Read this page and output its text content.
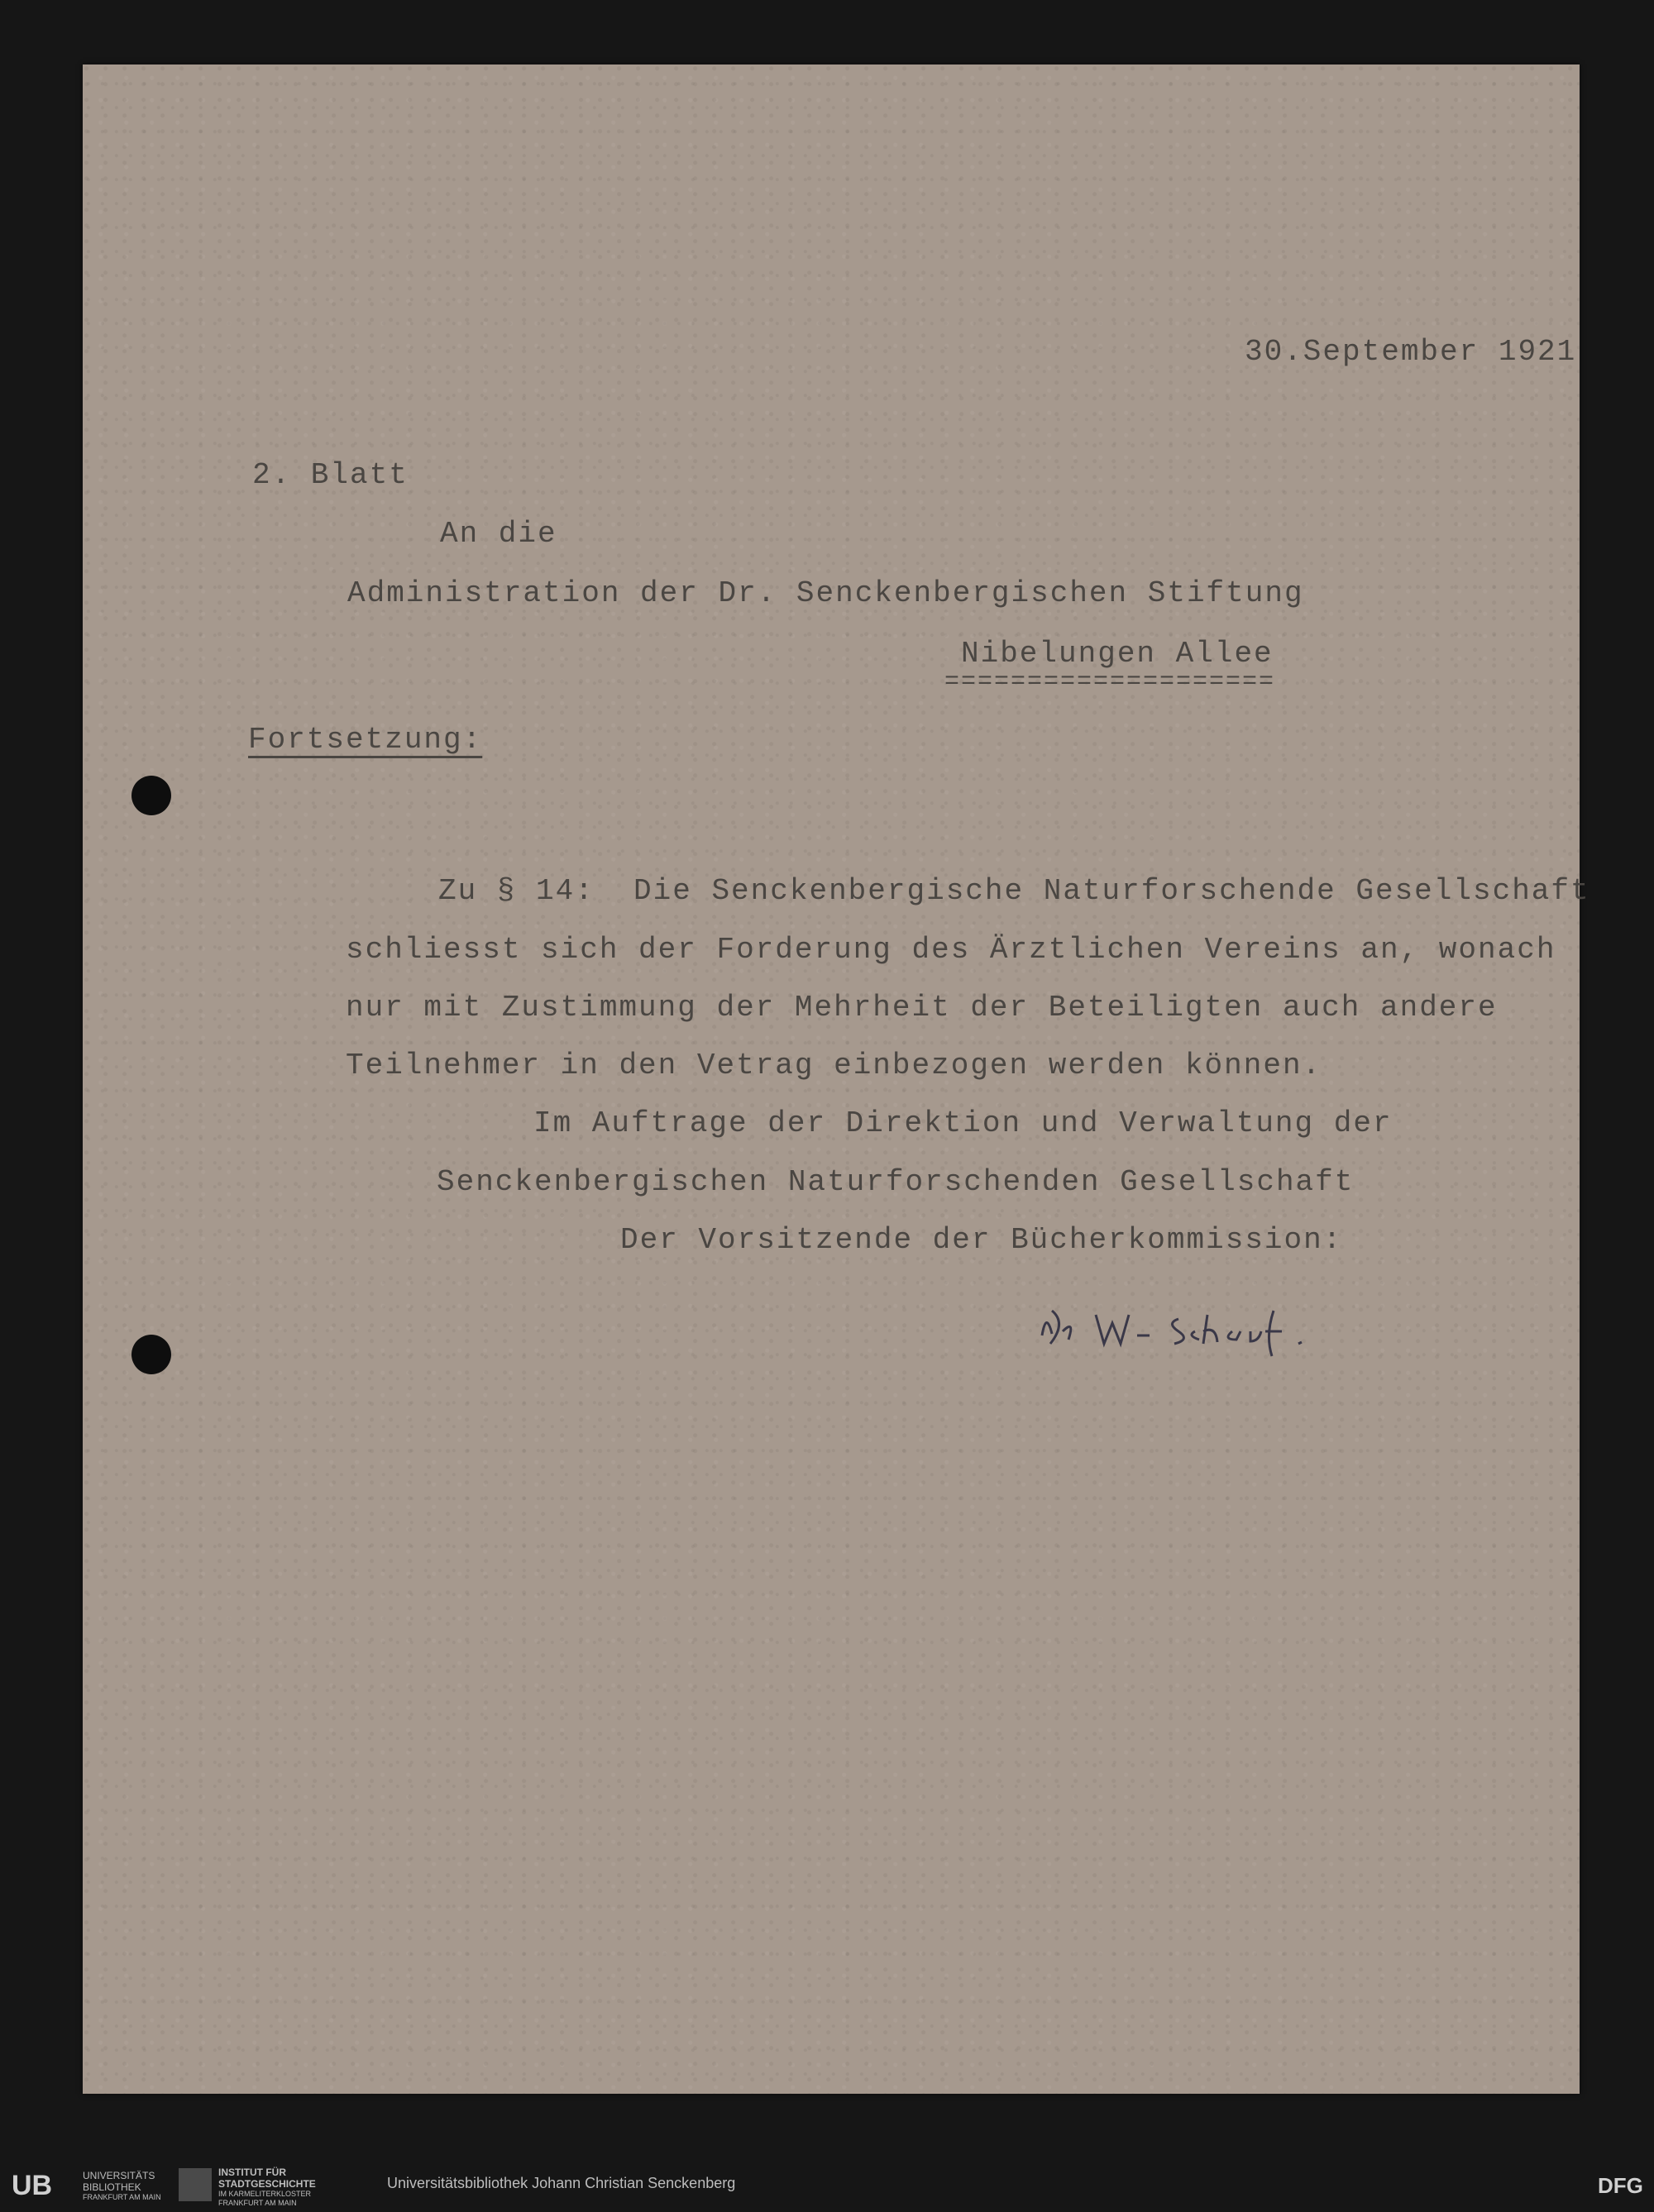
30.September 1921
2. Blatt
An die
Administration der Dr. Senckenbergischen Stiftung
Nibelungen Allee
====================
Fortsetzung:
Zu § 14:  Die Senckenbergische Naturforschende Gesellschaft
schliesst sich der Forderung des Ärztlichen Vereins an, wonach
nur mit Zustimmung der Mehrheit der Beteiligten auch andere
Teilnehmer in den Vetrag einbezogen werden können.
Im Auftrage der Direktion und Verwaltung der
Senckenbergischen Naturforschenden Gesellschaft
Der Vorsitzende der Bücherkommission:
UB	UNIVERSITÄTS
BIBLIOTHEK
FRANKFURT AM MAIN
INSTITUT FÜR
STADTGESCHICHTE
IM KARMELITERKLOSTER
FRANKFURT AM MAIN
Universitätsbibliothek Johann Christian Senckenberg	DFG
